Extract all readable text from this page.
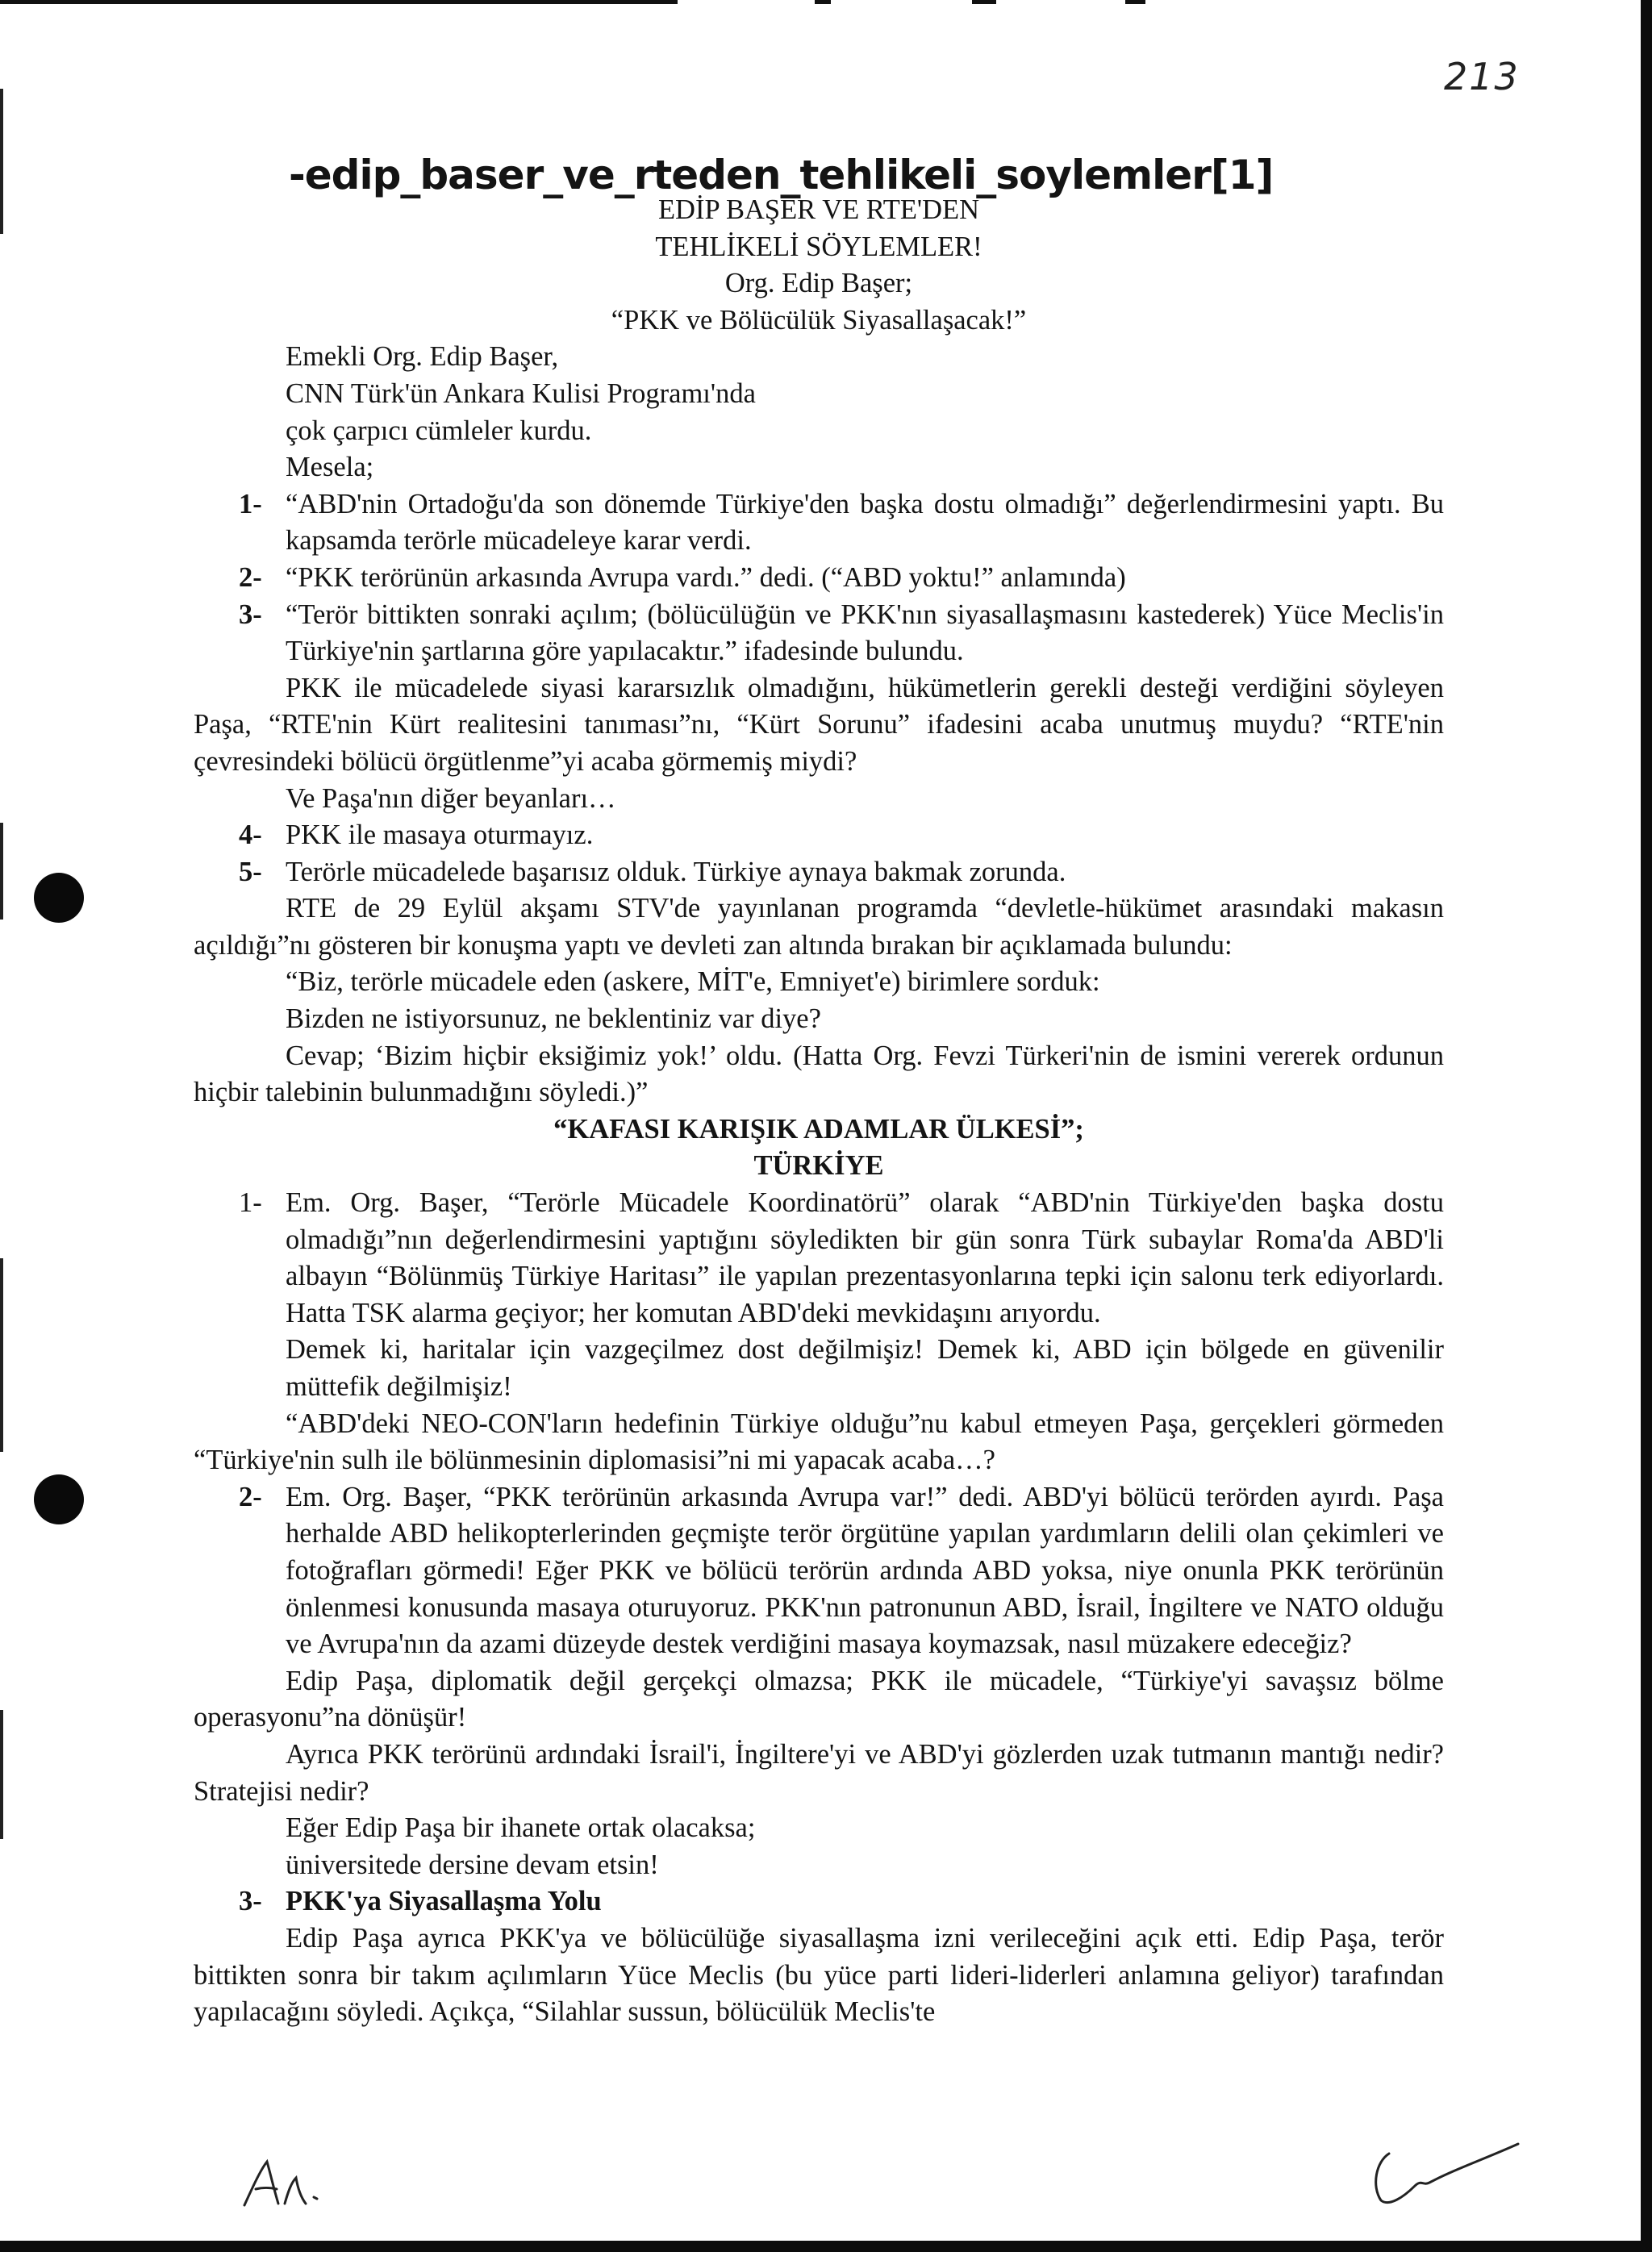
213
-edip_baser_ve_rteden_tehlikeli_soylemler[1]
EDİP BAŞER VE RTE'DEN
TEHLİKELİ SÖYLEMLER!
Org. Edip Başer;
“PKK ve Bölücülük Siyasallaşacak!”
Emekli Org. Edip Başer,
CNN Türk'ün Ankara Kulisi Programı'nda
çok çarpıcı cümleler kurdu.
Mesela;
1- “ABD'nin Ortadoğu'da son dönemde Türkiye'den başka dostu olmadığı” değerlendirmesini yaptı. Bu kapsamda terörle mücadeleye karar verdi.
2- “PKK terörünün arkasında Avrupa vardı.” dedi. (“ABD yoktu!” anlamında)
3- “Terör bittikten sonraki açılım; (bölücülüğün ve PKK'nın siyasallaşmasını kastederek) Yüce Meclis'in Türkiye'nin şartlarına göre yapılacaktır.” ifadesinde bulundu.
PKK ile mücadelede siyasi kararsızlık olmadığını, hükümetlerin gerekli desteği verdiğini söyleyen Paşa, “RTE'nin Kürt realitesini tanıması”nı, “Kürt Sorunu” ifadesini acaba unutmuş muydu? “RTE'nin çevresindeki bölücü örgütlenme”yi acaba görmemiş miydi?
Ve Paşa'nın diğer beyanları…
4- PKK ile masaya oturmayız.
5- Terörle mücadelede başarısız olduk. Türkiye aynaya bakmak zorunda.
RTE de 29 Eylül akşamı STV'de yayınlanan programda “devletle-hükümet arasındaki makasın açıldığı”nı gösteren bir konuşma yaptı ve devleti zan altında bırakan bir açıklamada bulundu:
“Biz, terörle mücadele eden (askere, MİT'e, Emniyet'e) birimlere sorduk:
Bizden ne istiyorsunuz, ne beklentiniz var diye?
Cevap; ‘Bizim hiçbir eksiğimiz yok!’ oldu. (Hatta Org. Fevzi Türkeri'nin de ismini vererek ordunun hiçbir talebinin bulunmadığını söyledi.)”
“KAFASI KARIŞIK ADAMLAR ÜLKESİ”;
TÜRKİYE
1- Em. Org. Başer, “Terörle Mücadele Koordinatörü” olarak “ABD'nin Türkiye'den başka dostu olmadığı”nın değerlendirmesini yaptığını söyledikten bir gün sonra Türk subaylar Roma'da ABD'li albayın “Bölünmüş Türkiye Haritası” ile yapılan prezentasyonlarına tepki için salonu terk ediyorlardı. Hatta TSK alarma geçiyor; her komutan ABD'deki mevkidaşını arıyordu.
Demek ki, haritalar için vazgeçilmez dost değilmişiz! Demek ki, ABD için bölgede en güvenilir müttefik değilmişiz!
“ABD'deki NEO-CON'ların hedefinin Türkiye olduğu”nu kabul etmeyen Paşa, gerçekleri görmeden “Türkiye'nin sulh ile bölünmesinin diplomasisi”ni mi yapacak acaba…?
2- Em. Org. Başer, “PKK terörünün arkasında Avrupa var!” dedi. ABD'yi bölücü terörden ayırdı. Paşa herhalde ABD helikopterlerinden geçmişte terör örgütüne yapılan yardımların delili olan çekimleri ve fotoğrafları görmedi! Eğer PKK ve bölücü terörün ardında ABD yoksa, niye onunla PKK terörünün önlenmesi konusunda masaya oturuyoruz. PKK'nın patronunun ABD, İsrail, İngiltere ve NATO olduğu ve Avrupa'nın da azami düzeyde destek verdiğini masaya koymazsak, nasıl müzakere edeceğiz?
Edip Paşa, diplomatik değil gerçekçi olmazsa; PKK ile mücadele, “Türkiye'yi savaşsız bölme operasyonu”na dönüşür!
Ayrıca PKK terörünü ardındaki İsrail'i, İngiltere'yi ve ABD'yi gözlerden uzak tutmanın mantığı nedir? Stratejisi nedir?
Eğer Edip Paşa bir ihanete ortak olacaksa;
üniversitede dersine devam etsin!
3- PKK'ya Siyasallaşma Yolu
Edip Paşa ayrıca PKK'ya ve bölücülüğe siyasallaşma izni verileceğini açık etti. Edip Paşa, terör bittikten sonra bir takım açılımların Yüce Meclis (bu yüce parti lideri-liderleri anlamına geliyor) tarafından yapılacağını söyledi. Açıkça, “Silahlar sussun, bölücülük Meclis'te
